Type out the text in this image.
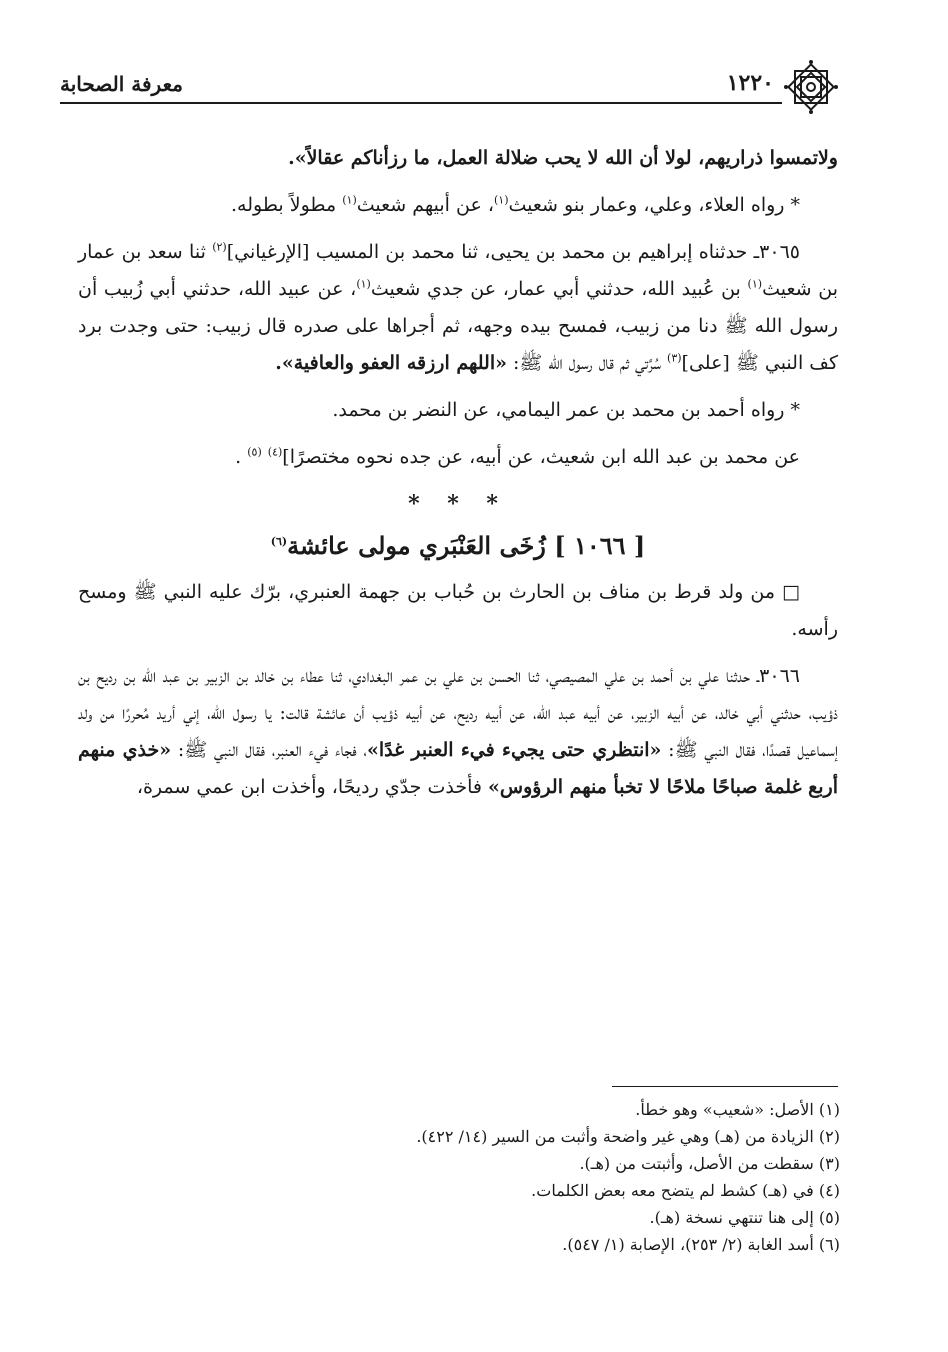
معرفة الصحابة	١٢٢٠

ولاتمسوا ذراريهم، لولا أن الله لا يحب ضلالة العمل، ما رزأناكم عقالاً».

* رواه العلاء، وعلي، وعمار بنو شعيث$^{(١)}$، عن أبيهم شعيث$^{(١)}$ مطولاً بطوله.

٣٠٦٥ـ حدثناه إبراهيم بن محمد بن يحيى، ثنا محمد بن المسيب [الإرغياني]$^{(٢)}$ ثنا سعد بن عمار بن شعيث$^{(١)}$ بن عُبيد الله، حدثني أبي عمار، عن جدي شعيث$^{(١)}$، عن عبيد الله، حدثني أبي زُبيب أن رسول الله ﷺ دنا من زبيب، فمسح بيده وجهه، ثم أجراها على صدره قال زبيب: حتى وجدت برد كف النبي ﷺ [على]$^{(٣)}$ سُرَّتي ثم قال رسول الله ﷺ: «اللهم ارزقه العفو والعافية».

* رواه أحمد بن محمد بن عمر اليمامي، عن النضر بن محمد.

عن محمد بن عبد الله ابن شعيث، عن أبيه، عن جده نحوه مختصرًا]$^{(٤)}$ $^{(٥)}$ .

* * *
[ ١٠٦٦ ] زُخَى العَنْبَري مولى عائشة$^{(٦)}$

□ من ولد قرط بن مناف بن الحارث بن حُباب بن جهمة العنبري، برّك عليه النبي ﷺ ومسح رأسه.

٣٠٦٦ـ حدثنا علي بن أحمد بن علي المصيصي، ثنا الحسن بن علي بن عمر البغدادي، ثنا عطاء بن خالد بن الزبير بن عبد الله بن رديح بن ذؤيب، حدثني أبي خالد، عن أبيه الزبير، عن أبيه عبد الله، عن أبيه رديح، عن أبيه ذؤيب أن عائشة قالت: يا رسول الله، إني أريد مُحررًا من ولد إسماعيل قصدًا، فقال النبي ﷺ: «انتظري حتى يجيء فيء العنبر غدًا»، فجاء فيء العنبر، فقال النبي ﷺ: «خذي منهم أربع غلمة صباحًا ملاحًا لا تخبأ منهم الرؤوس» فأخذت جدّي رديحًا، وأخذت ابن عمي سمرة،

(١) الأصل: «شعيب» وهو خطأ.
(٢) الزيادة من (هـ) وهي غير واضحة وأثبت من السير (١٤/ ٤٢٢).
(٣) سقطت من الأصل، وأثبتت من (هـ).
(٤) في (هـ) كشط لم يتضح معه بعض الكلمات.
(٥) إلى هنا تنتهي نسخة (هـ).
(٦) أسد الغابة (٢/ ٢٥٣)، الإصابة (١/ ٥٤٧).
